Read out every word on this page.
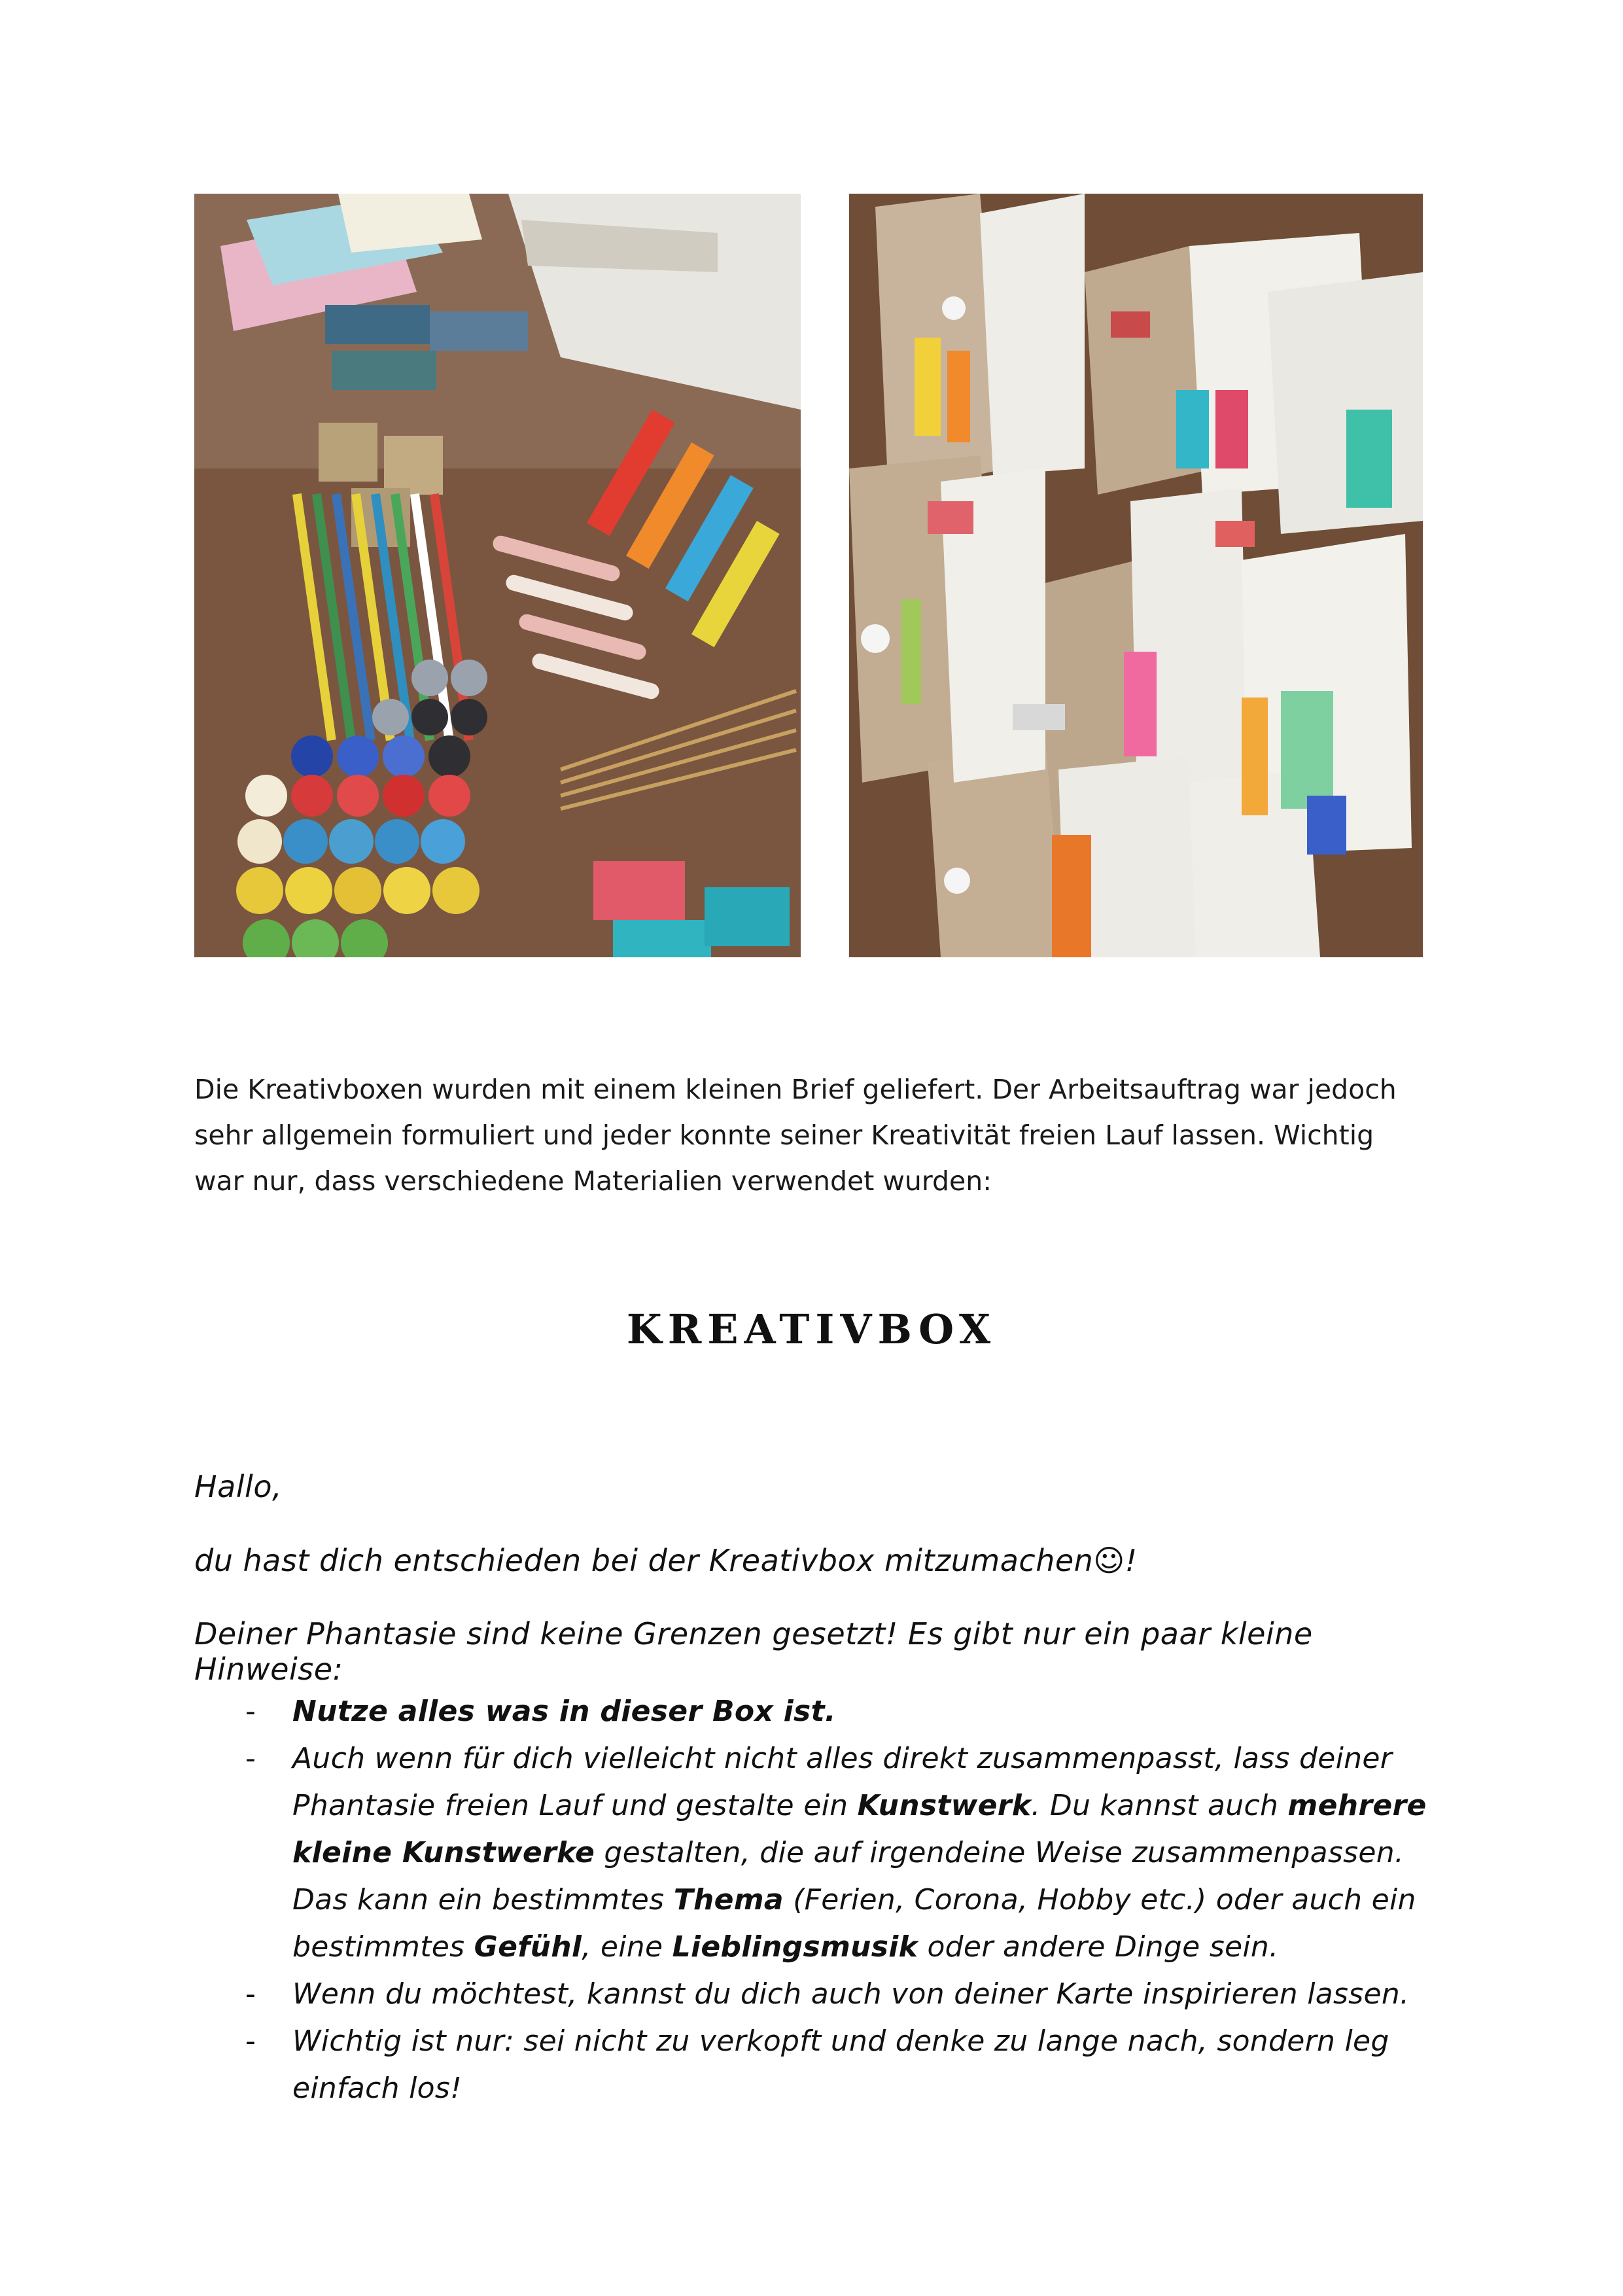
Die Kreativboxen wurden mit einem kleinen Brief geliefert. Der Arbeitsauftrag war jedoch sehr allgemein formuliert und jeder konnte seiner Kreativität freien Lauf lassen. Wichtig war nur, dass verschiedene Materialien verwendet wurden:

KREATIVBOX

Hallo,

du hast dich entschieden bei der Kreativbox mitzumachen☺!

Deiner Phantasie sind keine Grenzen gesetzt! Es gibt nur ein paar kleine Hinweise:

- Nutze alles was in dieser Box ist.
- Auch wenn für dich vielleicht nicht alles direkt zusammenpasst, lass deiner Phantasie freien Lauf und gestalte ein Kunstwerk. Du kannst auch mehrere kleine Kunstwerke gestalten, die auf irgendeine Weise zusammenpassen. Das kann ein bestimmtes Thema (Ferien, Corona, Hobby etc.) oder auch ein bestimmtes Gefühl, eine Lieblingsmusik oder andere Dinge sein.
- Wenn du möchtest, kannst du dich auch von deiner Karte inspirieren lassen.
- Wichtig ist nur: sei nicht zu verkopft und denke zu lange nach, sondern leg einfach los!
